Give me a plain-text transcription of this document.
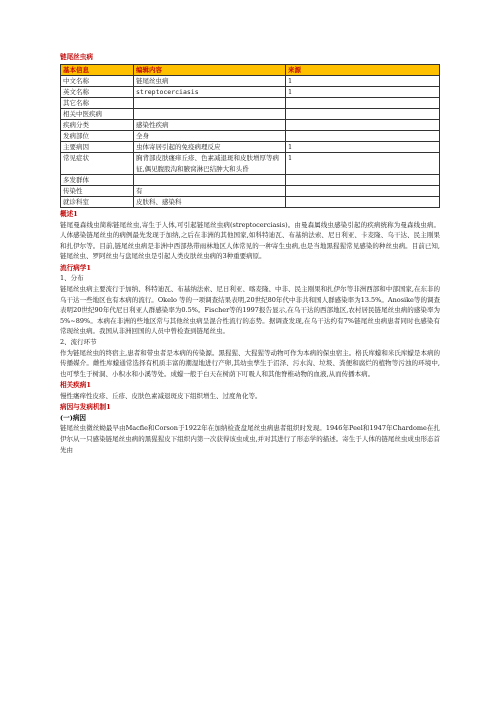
链尾丝虫病
基本信息	编辑内容	来源
中文名称	链尾丝虫病	1
英文名称	streptocerciasis	1
其它名称		
相关中医疾病		
疾病分类	感染性疾病	
发病部位	全身	
主要病因	虫体寄居引起的免疫病理反应	1
常见症状	胸背部皮肤瘙痒丘疹、色素减退斑和皮肤增厚等病征,偶见腹股沟和腋窝淋巴结肿大和头昏	1
多发群体		
传染性	有	
就诊科室	皮肤科、感染科	
概述1

链尾曼森线虫简称链尾丝虫,寄生于人体,可引起链尾丝虫病(streptocerciasis)。由曼森属线虫感染引起的疾病统称为曼森线虫病。人体感染链尾丝虫的病例最先发现于加纳,之后在非洲的其他国家,如科特迪瓦、布基纳法索、尼日利亚、卡麦隆、乌干达、民主刚果和扎伊尔等。目前,链尾丝虫病是非洲中西部热带雨林地区人体常见的一种寄生虫病,也是当地黑猩猩常见感染的种丝虫病。目前已知,链尾丝虫、罗阿丝虫与盘尾丝虫是引起人类皮肤丝虫病的3种重要病原。

流行病学1

1、分布

链尾丝虫病主要流行于加纳、科特迪瓦、布基纳法索、尼日利亚、喀麦隆、中非、民主刚果和扎伊尔等非洲西部和中部国家,在东非的乌干达一些地区也有本病的流行。Okelo 等的一项调查结果表明,20世纪80年代中非共和国人群感染率为13.5%。Anosike等的调查表明20世纪90年代尼日利亚人群感染率为0.5%。Fischer等的1997报告显示,在乌干达的西部地区,农村居民链尾丝虫病的感染率为 5%~89%。本病在非洲的些地区常与其他丝虫病呈混合性流行的态势。据调查发现,在乌干达约有7%链尾丝虫病患者同时也感染有常现丝虫病。我国从非洲回国的人员中曾检查到链尾丝虫。

2、流行环节

作为链尾丝虫的终宿主,患者和带虫者是本病的传染源。黑猩猩、大猩猩等动物可作为本病的保虫宿主。格氏库蠓和米氏库蠓是本病的传播媒介。雌性库蠓通常选择有机质丰富的潮湿地进行产卵,其幼虫孳生于沼泽、污水沟、垃圾、粪便和腐烂的植物等污浊的环境中,也可孳生于树洞、小积水和小溪等处。成蠓一般于白天在树荫下叮吸人和其他脊椎动物的血液,从而传播本病。

相关疾病1

慢性瘙痒性皮疹、丘疹、皮肤色素减退斑皮下组织增生、过度角化等。

病因与发病机制1
(一)病因

链尾丝虫微丝蚴最早由Macfie和Corson于1922年在加纳检查盘尾丝虫病患者组织时发现。1946年Peel和1947年Chardome在扎伊尔从一只感染链尾丝虫病的黑猩猩皮下组织内第一次获得该虫成虫,并对其进行了形态学的描述。寄生于人体的链尾丝虫成虫形态首先由
